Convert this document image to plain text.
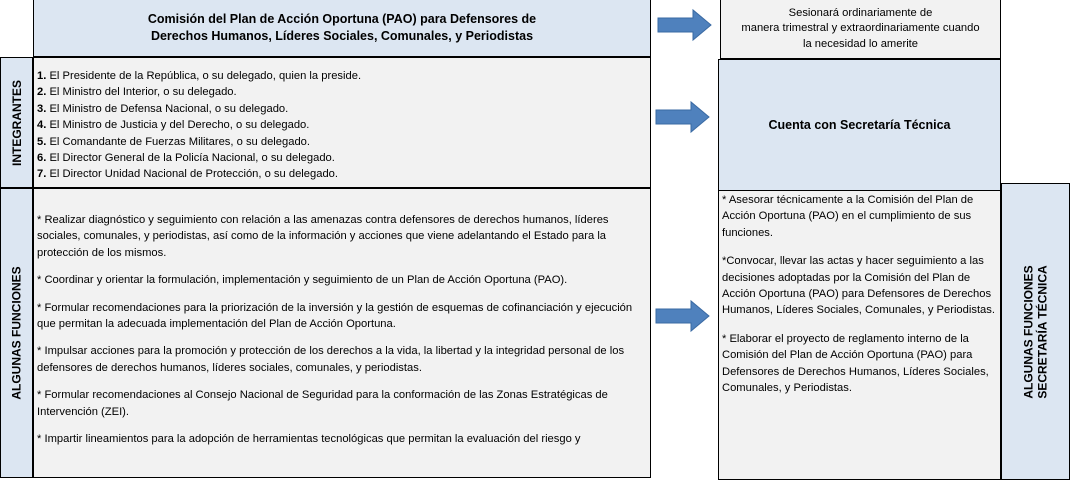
Comisión del Plan de Acción Oportuna (PAO) para Defensores de
Derechos Humanos, Líderes Sociales, Comunales, y Periodistas
INTEGRANTES
1. El Presidente de la República, o su delegado, quien la preside.
2. El Ministro del Interior, o su delegado.
3. El Ministro de Defensa Nacional, o su delegado.
4. El Ministro de Justicia y del Derecho, o su delegado.
5. El Comandante de Fuerzas Militares, o su delegado.
6. El Director General de la Policía Nacional, o su delegado.
7. El Director Unidad Nacional de Protección, o su delegado.
ALGUNAS FUNCIONES

* Realizar diagnóstico y seguimiento con relación a las amenazas contra defensores de derechos humanos, líderes sociales, comunales, y periodistas, así como de la información y acciones que viene adelantando el Estado para la protección de los mismos.

* Coordinar y orientar la formulación, implementación y seguimiento de un Plan de Acción Oportuna (PAO).

* Formular recomendaciones para la priorización de la inversión y la gestión de esquemas de cofinanciación y ejecución que permitan la adecuada implementación del Plan de Acción Oportuna.

* Impulsar acciones para la promoción y protección de los derechos a la vida, la libertad y la integridad personal de los defensores de derechos humanos, líderes sociales, comunales, y periodistas.

* Formular recomendaciones al Consejo Nacional de Seguridad para la conformación de las Zonas Estratégicas de Intervención (ZEI).

* Impartir lineamientos para la adopción de herramientas tecnológicas que permitan la evaluación del riesgo y

Sesionará ordinariamente de
manera trimestral y extraordinariamente cuando
la necesidad lo amerite
Cuenta con Secretaría Técnica

* Asesorar técnicamente a la Comisión del Plan de Acción Oportuna (PAO) en el cumplimiento de sus funciones.

*Convocar, llevar las actas y hacer seguimiento a las decisiones adoptadas por la Comisión del Plan de Acción Oportuna (PAO) para Defensores de Derechos Humanos, Líderes Sociales, Comunales, y Periodistas.

* Elaborar el proyecto de reglamento interno de la Comisión del Plan de Acción Oportuna (PAO) para Defensores de Derechos Humanos, Líderes Sociales, Comunales, y Periodistas.	ALGUNAS FUNCIONES SECRETARÍA TÉCNICA
